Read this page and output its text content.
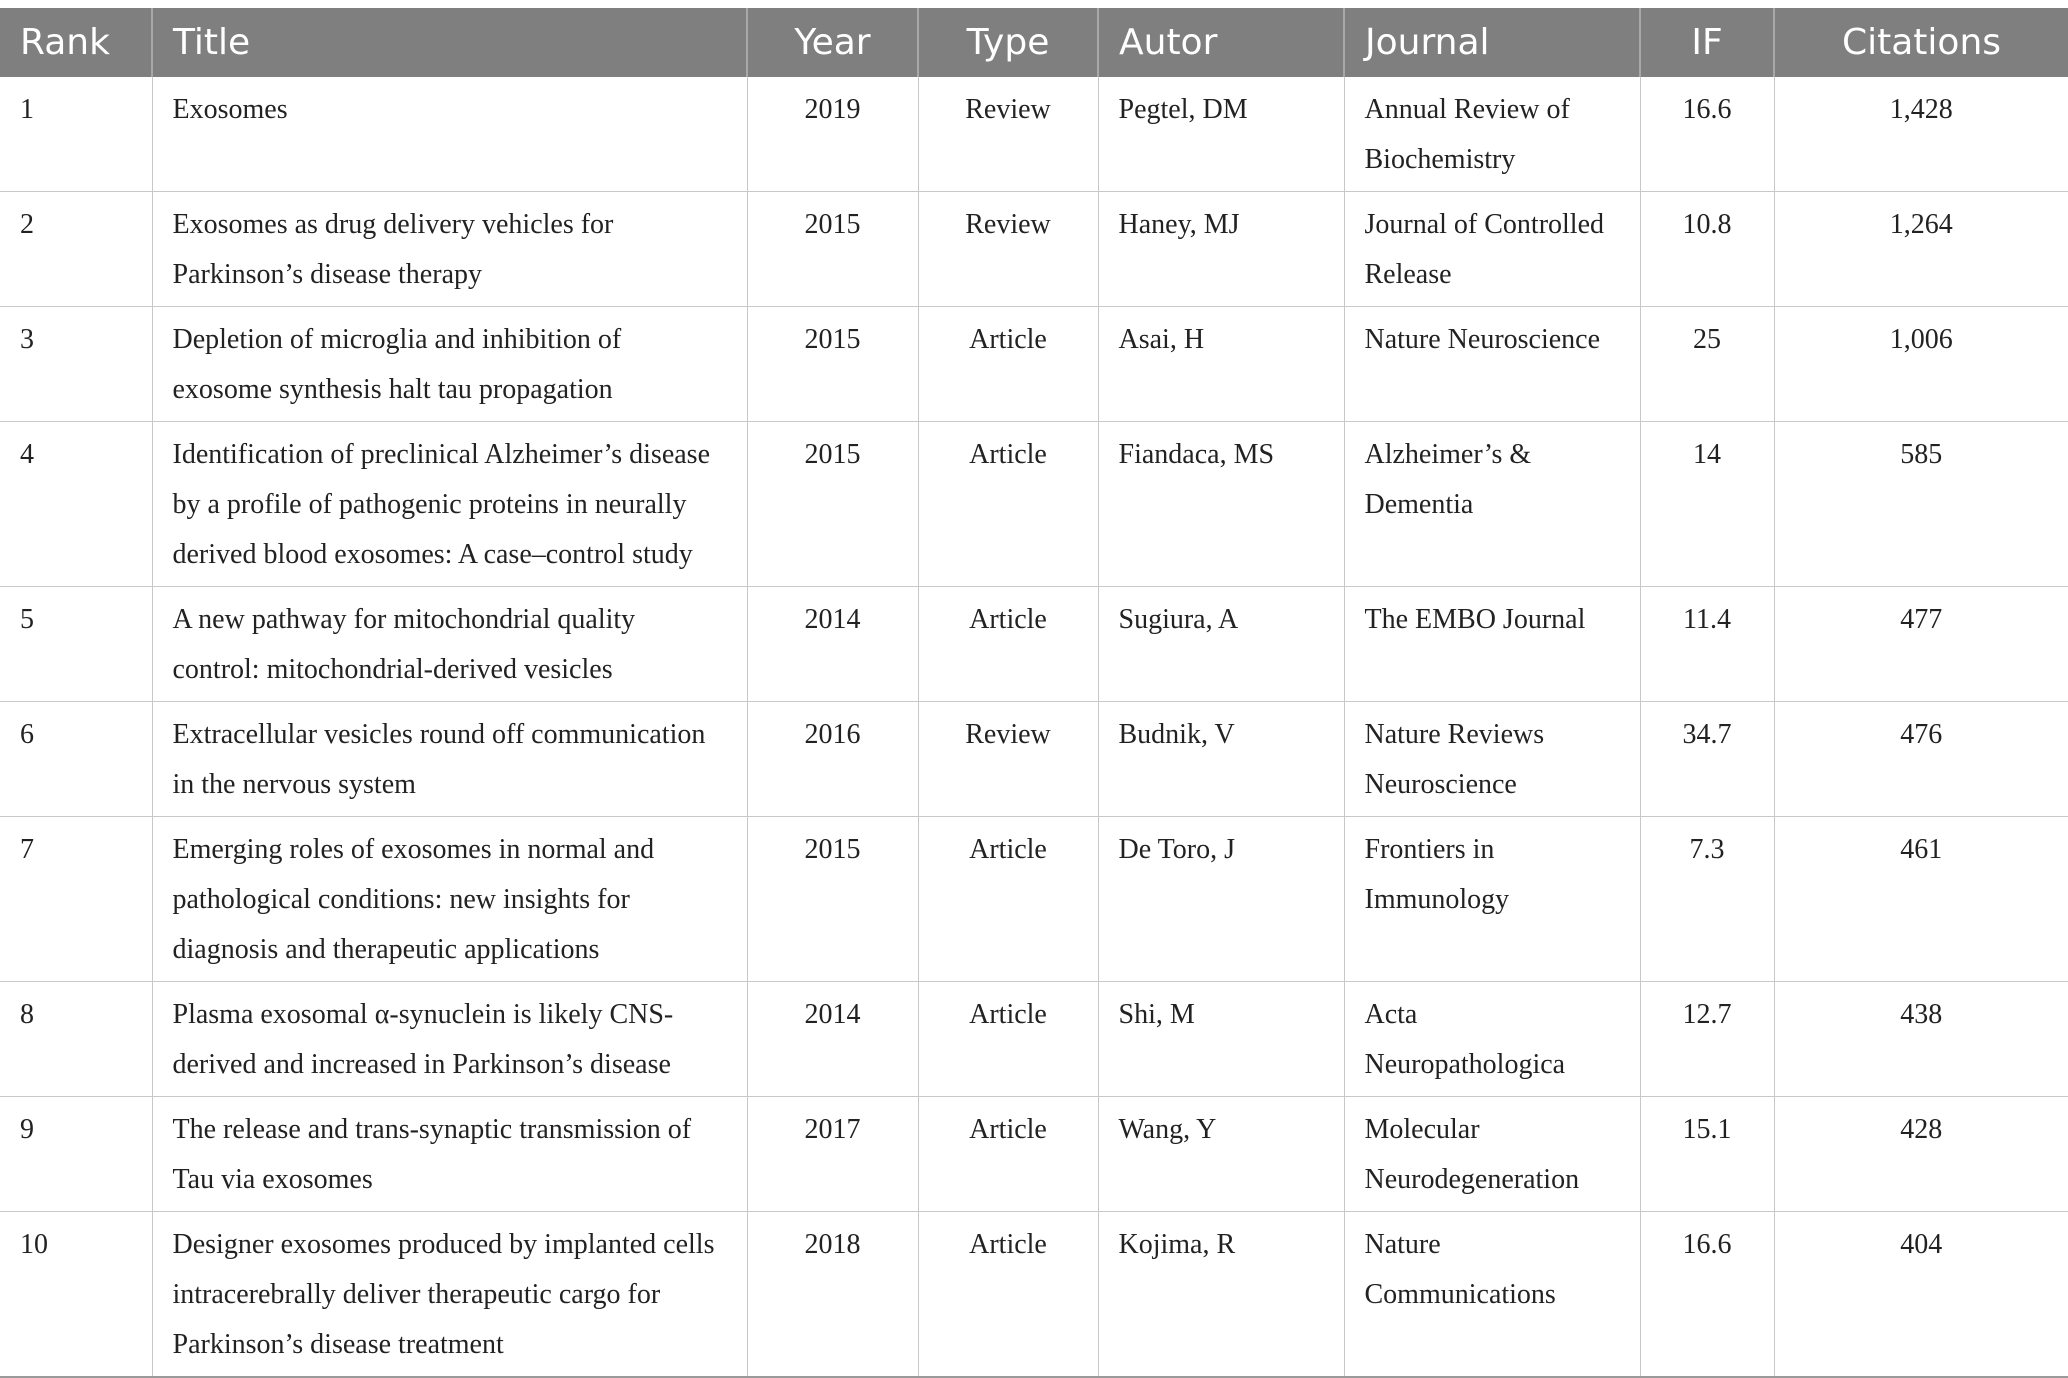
Rank	Title	Year	Type	Autor	Journal	IF	Citations
1	Exosomes	2019	Review	Pegtel, DM	Annual Review of Biochemistry	16.6	1,428
2	Exosomes as drug delivery vehicles for Parkinson’s disease therapy	2015	Review	Haney, MJ	Journal of Controlled Release	10.8	1,264
3	Depletion of microglia and inhibition of exosome synthesis halt tau propagation	2015	Article	Asai, H	Nature Neuroscience	25	1,006
4	Identification of preclinical Alzheimer’s disease by a profile of pathogenic proteins in neurally derived blood exosomes: A case–control study	2015	Article	Fiandaca, MS	Alzheimer’s & Dementia	14	585
5	A new pathway for mitochondrial quality control: mitochondrial-derived vesicles	2014	Article	Sugiura, A	The EMBO Journal	11.4	477
6	Extracellular vesicles round off communication in the nervous system	2016	Review	Budnik, V	Nature Reviews Neuroscience	34.7	476
7	Emerging roles of exosomes in normal and pathological conditions: new insights for diagnosis and therapeutic applications	2015	Article	De Toro, J	Frontiers in Immunology	7.3	461
8	Plasma exosomal α-synuclein is likely CNS-derived and increased in Parkinson’s disease	2014	Article	Shi, M	Acta Neuropathologica	12.7	438
9	The release and trans-synaptic transmission of Tau via exosomes	2017	Article	Wang, Y	Molecular Neurodegeneration	15.1	428
10	Designer exosomes produced by implanted cells intracerebrally deliver therapeutic cargo for Parkinson’s disease treatment	2018	Article	Kojima, R	Nature Communications	16.6	404
